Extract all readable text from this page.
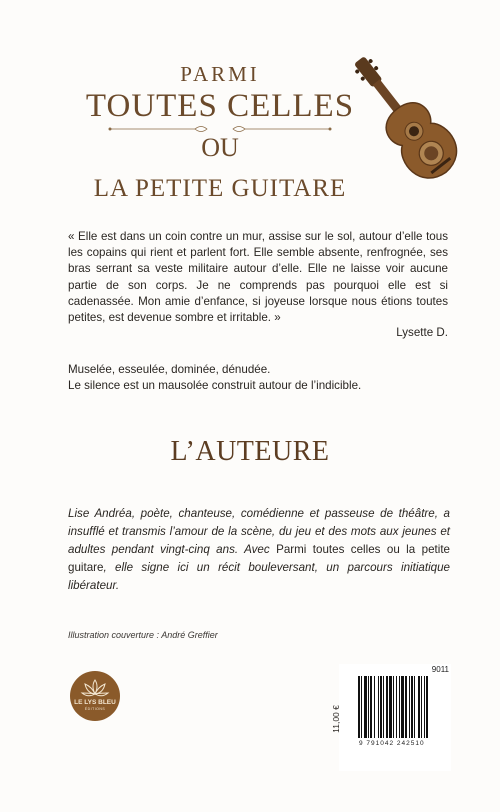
PARMI
TOUTES CELLES
OU
LA PETITE GUITARE
« Elle est dans un coin contre un mur, assise sur le sol, autour d’elle tous les copains qui rient et parlent fort. Elle semble absente, renfrognée, ses bras serrant sa veste militaire autour d’elle. Elle ne laisse voir aucune partie de son corps. Je ne comprends pas pourquoi elle est si cadenassée. Mon amie d’enfance, si joyeuse lorsque nous étions toutes petites, est devenue sombre et irritable. »
Lysette D.
Muselée, esseulée, dominée, dénudée.
Le silence est un mausolée construit autour de l’indicible.
L’AUTEURE
Lise Andréa, poète, chanteuse, comédienne et passeuse de théâtre, a insufflé et transmis l’amour de la scène, du jeu et des mots aux jeunes et adultes pendant vingt-cinq ans. Avec Parmi toutes celles ou la petite guitare, elle signe ici un récit bouleversant, un parcours initiatique libérateur.
Illustration couverture : André Greffier
LE LYS BLEU
ÉDITIONS
9011
11,00 €
9 791042 242510
